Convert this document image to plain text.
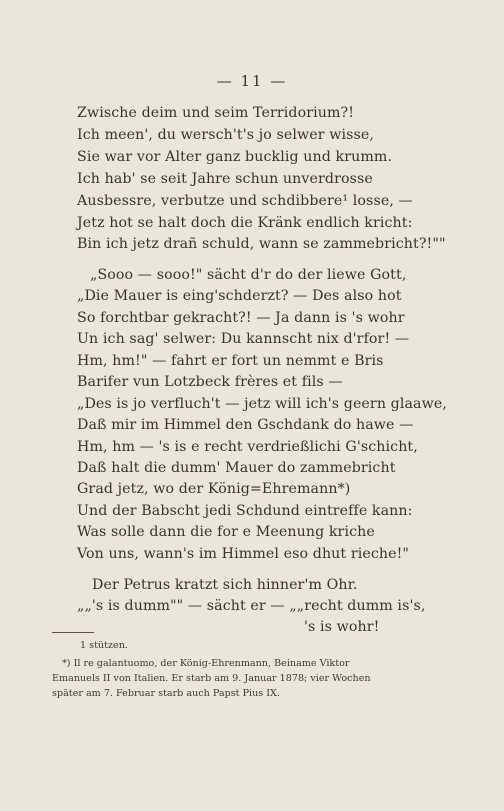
— 11 —
Zwische deim und seim Terridorium?!
Ich meen', du wersch't's jo selwer wisse,
Sie war vor Alter ganz bucklig und krumm.
Ich hab' se seit Jahre schun unverdrosse
Ausbessre, verbutze und schdibbere¹ losse, —
Jetz hot se halt doch die Kränk endlich kricht:
Bin ich jetz drañ schuld, wann se zammebricht?!""
„Sooo — sooo!" sächt d'r do der liewe Gott,
„Die Mauer is eing'schderzt? — Des also hot
So forchtbar gekracht?! — Ja dann is 's wohr
Un ich sag' selwer: Du kannscht nix d'rfor! —
Hm, hm!" — fahrt er fort un nemmt e Bris
Barifer vun Lotzbeck frères et fils —
„Des is jo verfluch't — jetz will ich's geern glaawe,
Daß mir im Himmel den Gschdank do hawe —
Hm, hm — 's is e recht verdrießlichi G'schicht,
Daß halt die dumm' Mauer do zammebricht
Grad jetz, wo der König=Ehremann*)
Und der Babscht jedi Schdund eintreffe kann:
Was solle dann die for e Meenung kriche
Von uns, wann's im Himmel eso dhut rieche!"
Der Petrus kratzt sich hinner'm Ohr.
„„'s is dumm"" — sächt er — „„recht dumm is's,
's is wohr!
1 stützen.
*) Il re galantuomo, der König-Ehrenmann, Beiname Viktor
Emanuels II von Italien. Er starb am 9. Januar 1878; vier Wochen
später am 7. Februar starb auch Papst Pius IX.
